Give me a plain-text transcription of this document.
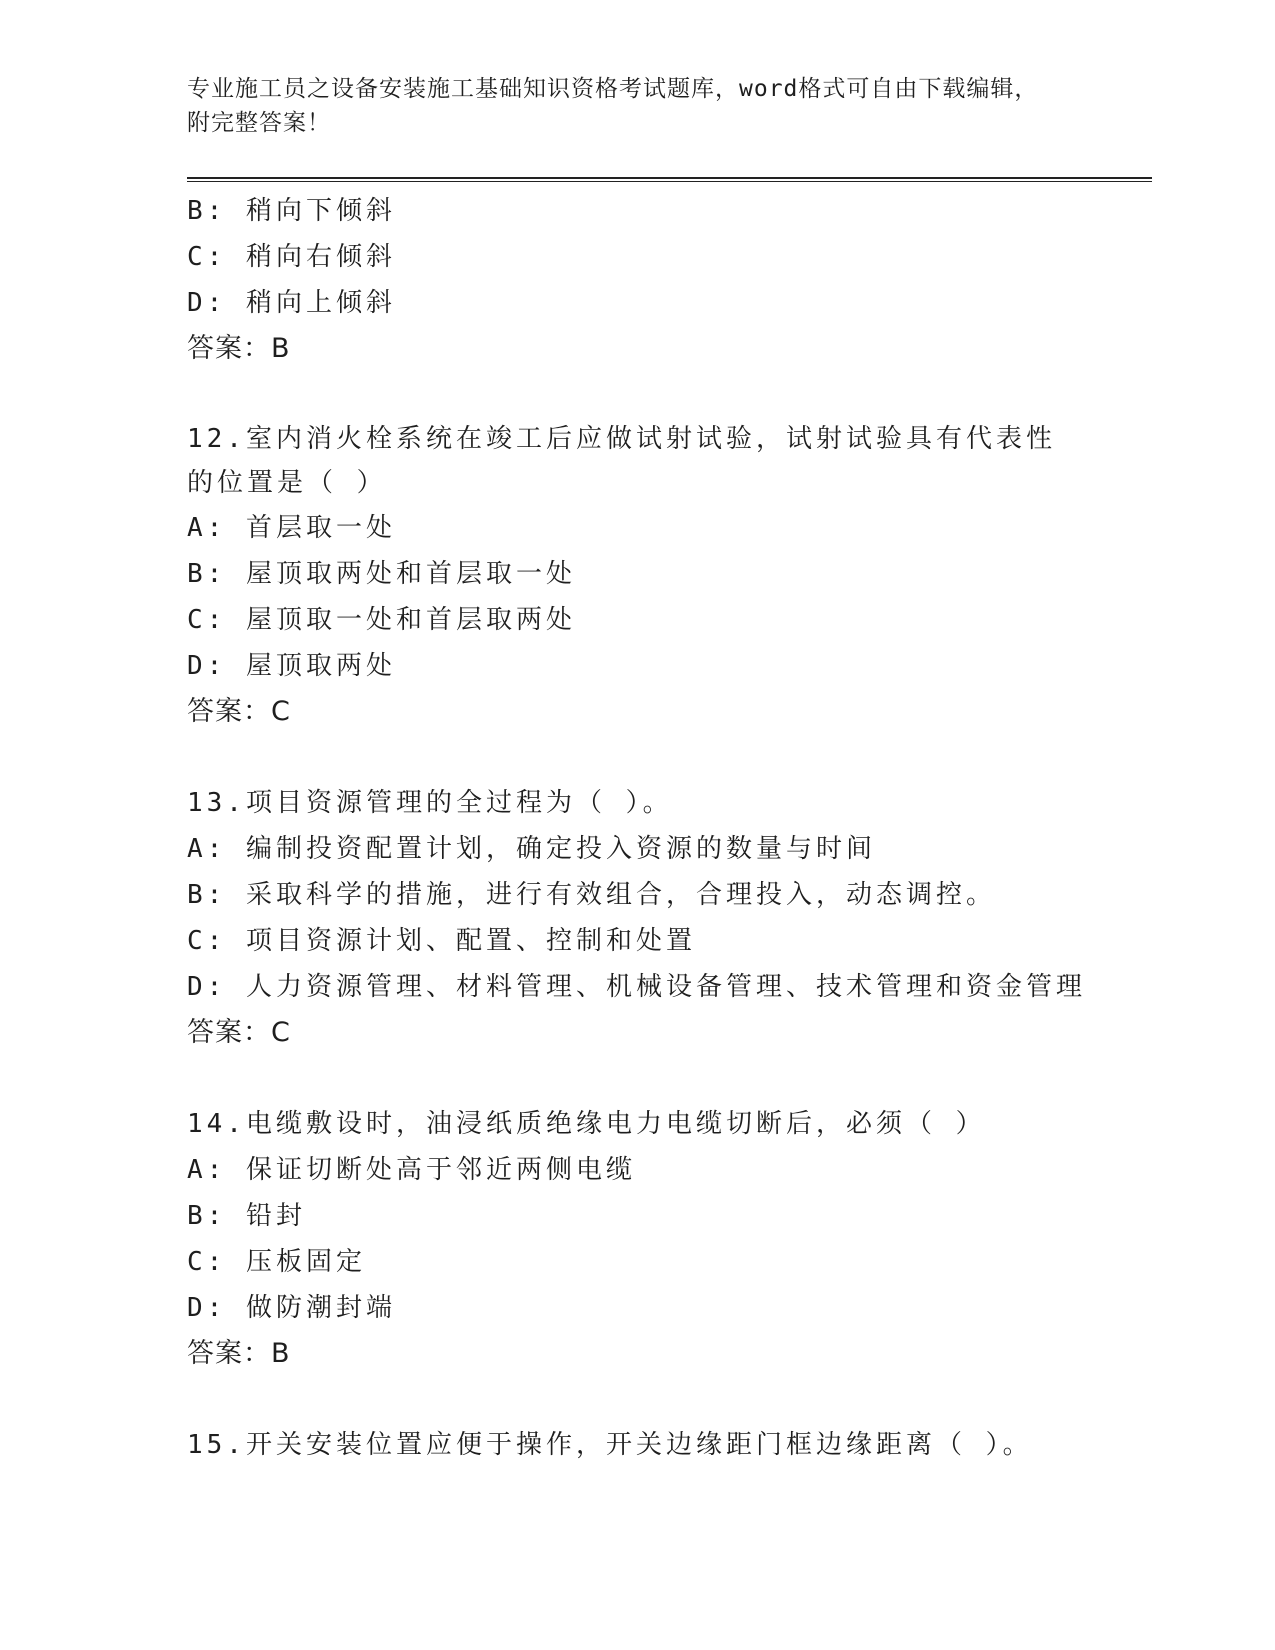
专业施工员之设备安装施工基础知识资格考试题库，word格式可自由下载编辑，
附完整答案！
B: 稍向下倾斜
C: 稍向右倾斜
D: 稍向上倾斜
答案：B
12.室内消火栓系统在竣工后应做试射试验，试射试验具有代表性的位置是（ ）
A: 首层取一处
B: 屋顶取两处和首层取一处
C: 屋顶取一处和首层取两处
D: 屋顶取两处
答案：C
13.项目资源管理的全过程为（ ）。
A: 编制投资配置计划，确定投入资源的数量与时间
B: 采取科学的措施，进行有效组合，合理投入，动态调控。
C: 项目资源计划、配置、控制和处置
D: 人力资源管理、材料管理、机械设备管理、技术管理和资金管理
答案：C
14.电缆敷设时，油浸纸质绝缘电力电缆切断后，必须（ ）
A: 保证切断处高于邻近两侧电缆
B: 铅封
C: 压板固定
D: 做防潮封端
答案：B
15.开关安装位置应便于操作，开关边缘距门框边缘距离（ ）。
